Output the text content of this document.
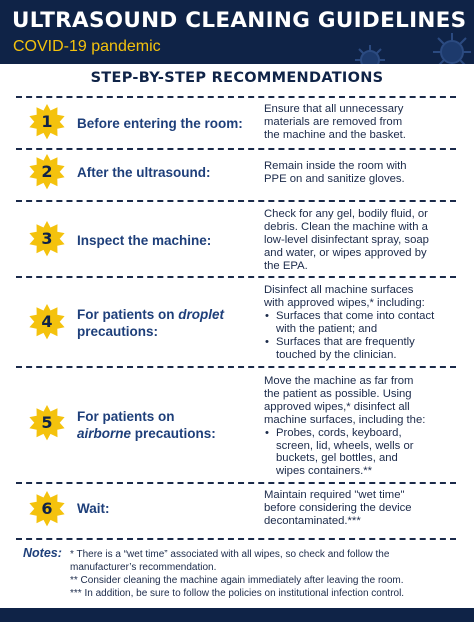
ULTRASOUND CLEANING GUIDELINES
COVID-19 pandemic
STEP-BY-STEP RECOMMENDATIONS
1 Before entering the room:
Ensure that all unnecessary
materials are removed from
the machine and the basket.
2 After the ultrasound:	Remain inside the room with
PPE on and sanitize gloves.
3 Inspect the machine:
Check for any gel, bodily fluid, or
debris. Clean the machine with a
low-level disinfectant spray, soap
and water, or wipes approved by
the EPA.
4 For patients on droplet
precautions:
Disinfect all machine surfaces
with approved wipes,* including:
• Surfaces that come into contact
with the patient; and
• Surfaces that are frequently
touched by the clinician.
5 For patients on
airborne precautions:
Move the machine as far from
the patient as possible. Using
approved wipes,* disinfect all
machine surfaces, including the:
• Probes, cords, keyboard,
screen, lid, wheels, wells or
buckets, gel bottles, and
wipes containers.**
6 Wait:
Maintain required "wet time"
before considering the device
decontaminated.***
Notes: * There is a “wet time” associated with all wipes, so check and follow the
manufacturer’s recommendation.
** Consider cleaning the machine again immediately after leaving the room.
*** In addition, be sure to follow the policies on institutional infection control.
